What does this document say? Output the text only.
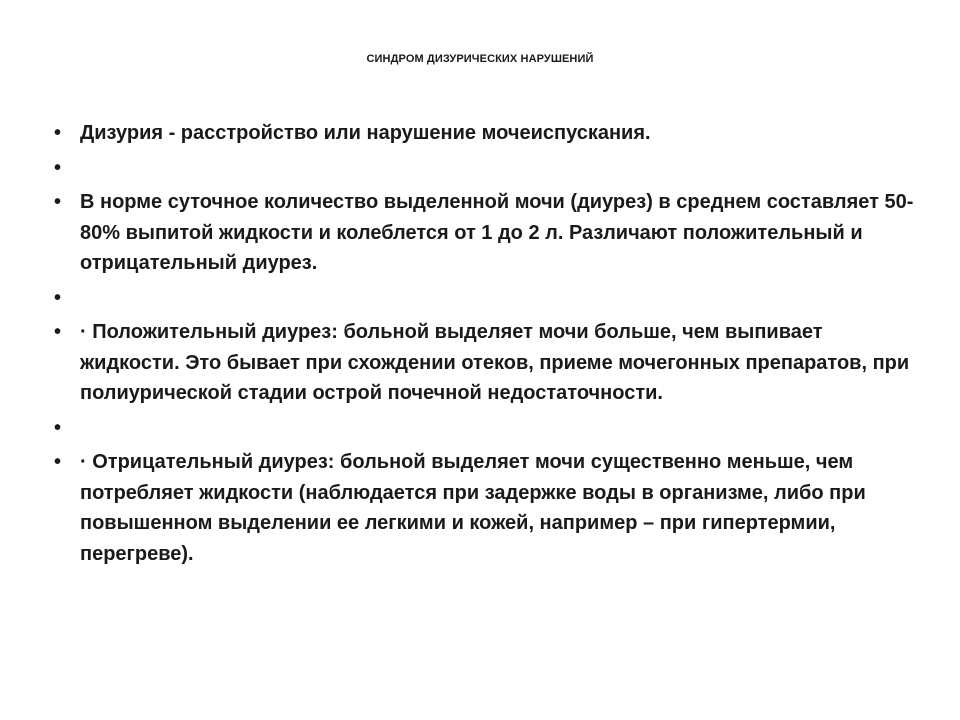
СИНДРОМ ДИЗУРИЧЕСКИХ НАРУШЕНИЙ
• Дизурия - расстройство или нарушение мочеиспускания.
•
• В норме суточное количество выделенной мочи (диурез) в среднем составляет 50-80% выпитой жидкости и колеблется от 1 до 2 л. Различают положительный и отрицательный диурез.
•
• · Положительный диурез: больной выделяет мочи больше, чем выпивает жидкости. Это бывает при схождении отеков, приеме мочегонных препаратов, при полиурической стадии острой почечной недостаточности.
•
• · Отрицательный диурез: больной выделяет мочи существенно меньше, чем потребляет жидкости (наблюдается при задержке воды в организме, либо при повышенном выделении ее легкими и кожей, например – при гипертермии, перегреве).
